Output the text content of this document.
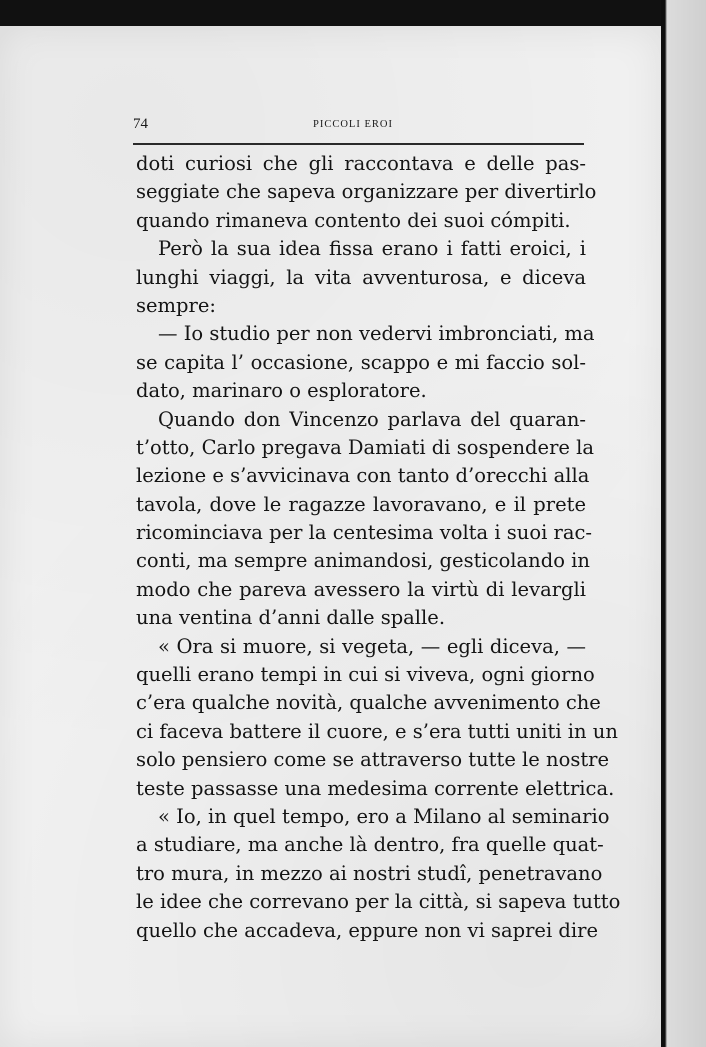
74	PICCOLI EROI
doti curiosi che gli raccontava e delle pas-
seggiate che sapeva organizzare per divertirlo
quando rimaneva contento dei suoi cómpiti.
Però la sua idea fissa erano i fatti eroici, i
lunghi viaggi, la vita avventurosa, e diceva
sempre:
— Io studio per non vedervi imbronciati, ma
se capita l’ occasione, scappo e mi faccio sol-
dato, marinaro o esploratore.
Quando don Vincenzo parlava del quaran-
t’otto, Carlo pregava Damiati di sospendere la
lezione e s’avvicinava con tanto d’orecchi alla
tavola, dove le ragazze lavoravano, e il prete
ricominciava per la centesima volta i suoi rac-
conti, ma sempre animandosi, gesticolando in
modo che pareva avessero la virtù di levargli
una ventina d’anni dalle spalle.
« Ora si muore, si vegeta, — egli diceva, —
quelli erano tempi in cui si viveva, ogni giorno
c’era qualche novità, qualche avvenimento che
ci faceva battere il cuore, e s’era tutti uniti in un
solo pensiero come se attraverso tutte le nostre
teste passasse una medesima corrente elettrica.
« Io, in quel tempo, ero a Milano al seminario
a studiare, ma anche là dentro, fra quelle quat-
tro mura, in mezzo ai nostri studî, penetravano
le idee che correvano per la città, si sapeva tutto
quello che accadeva, eppure non vi saprei dire
